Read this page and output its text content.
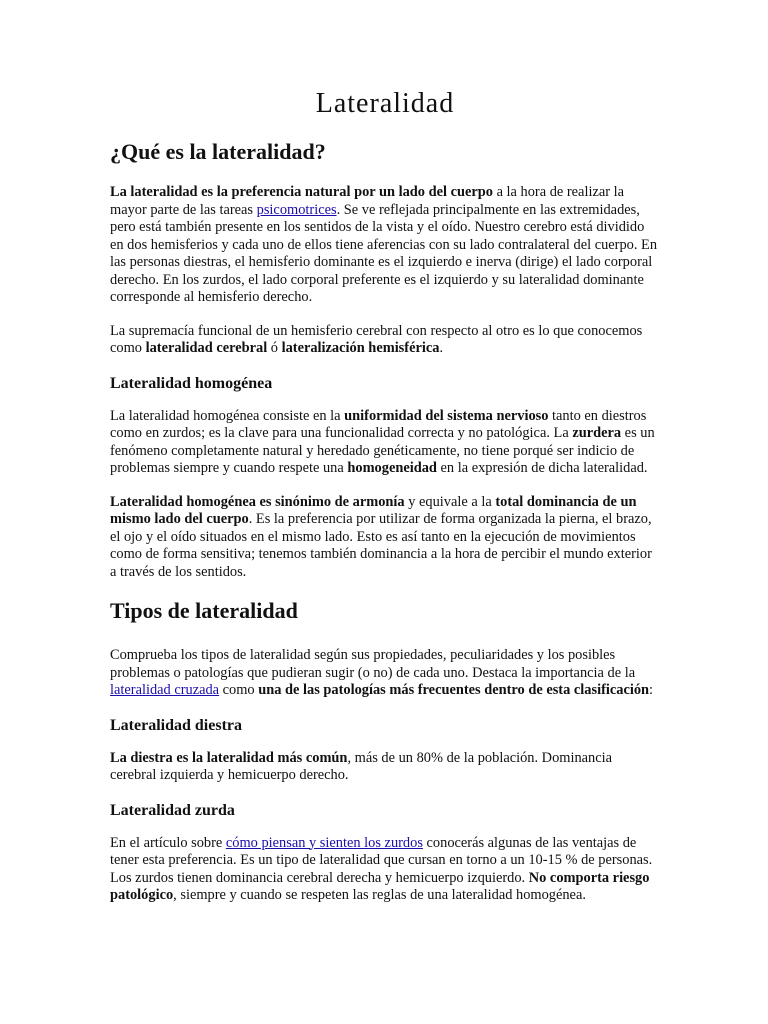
Lateralidad
¿Qué es la lateralidad?

La lateralidad es la preferencia natural por un lado del cuerpo a la hora de realizar la mayor parte de las tareas psicomotrices. Se ve reflejada principalmente en las extremidades, pero está también presente en los sentidos de la vista y el oído. Nuestro cerebro está dividido en dos hemisferios y cada uno de ellos tiene aferencias con su lado contralateral del cuerpo. En las personas diestras, el hemisferio dominante es el izquierdo e inerva (dirige) el lado corporal derecho. En los zurdos, el lado corporal preferente es el izquierdo y su lateralidad dominante corresponde al hemisferio derecho.

La supremacía funcional de un hemisferio cerebral con respecto al otro es lo que conocemos como lateralidad cerebral ó lateralización hemisférica.

Lateralidad homogénea

La lateralidad homogénea consiste en la uniformidad del sistema nervioso tanto en diestros como en zurdos; es la clave para una funcionalidad correcta y no patológica. La zurdera es un fenómeno completamente natural y heredado genéticamente, no tiene porqué ser indicio de problemas siempre y cuando respete una homogeneidad en la expresión de dicha lateralidad.

Lateralidad homogénea es sinónimo de armonía y equivale a la total dominancia de un mismo lado del cuerpo. Es la preferencia por utilizar de forma organizada la pierna, el brazo, el ojo y el oído situados en el mismo lado. Esto es así tanto en la ejecución de movimientos como de forma sensitiva; tenemos también dominancia a la hora de percibir el mundo exterior a través de los sentidos.

Tipos de lateralidad

Comprueba los tipos de lateralidad según sus propiedades, peculiaridades y los posibles problemas o patologías que pudieran sugir (o no) de cada uno. Destaca la importancia de la lateralidad cruzada como una de las patologías más frecuentes dentro de esta clasificación:

Lateralidad diestra

La diestra es la lateralidad más común, más de un 80% de la población. Dominancia cerebral izquierda y hemicuerpo derecho.

Lateralidad zurda

En el artículo sobre cómo piensan y sienten los zurdos conocerás algunas de las ventajas de tener esta preferencia. Es un tipo de lateralidad que cursan en torno a un 10-15 % de personas. Los zurdos tienen dominancia cerebral derecha y hemicuerpo izquierdo. No comporta riesgo patológico, siempre y cuando se respeten las reglas de una lateralidad homogénea.
